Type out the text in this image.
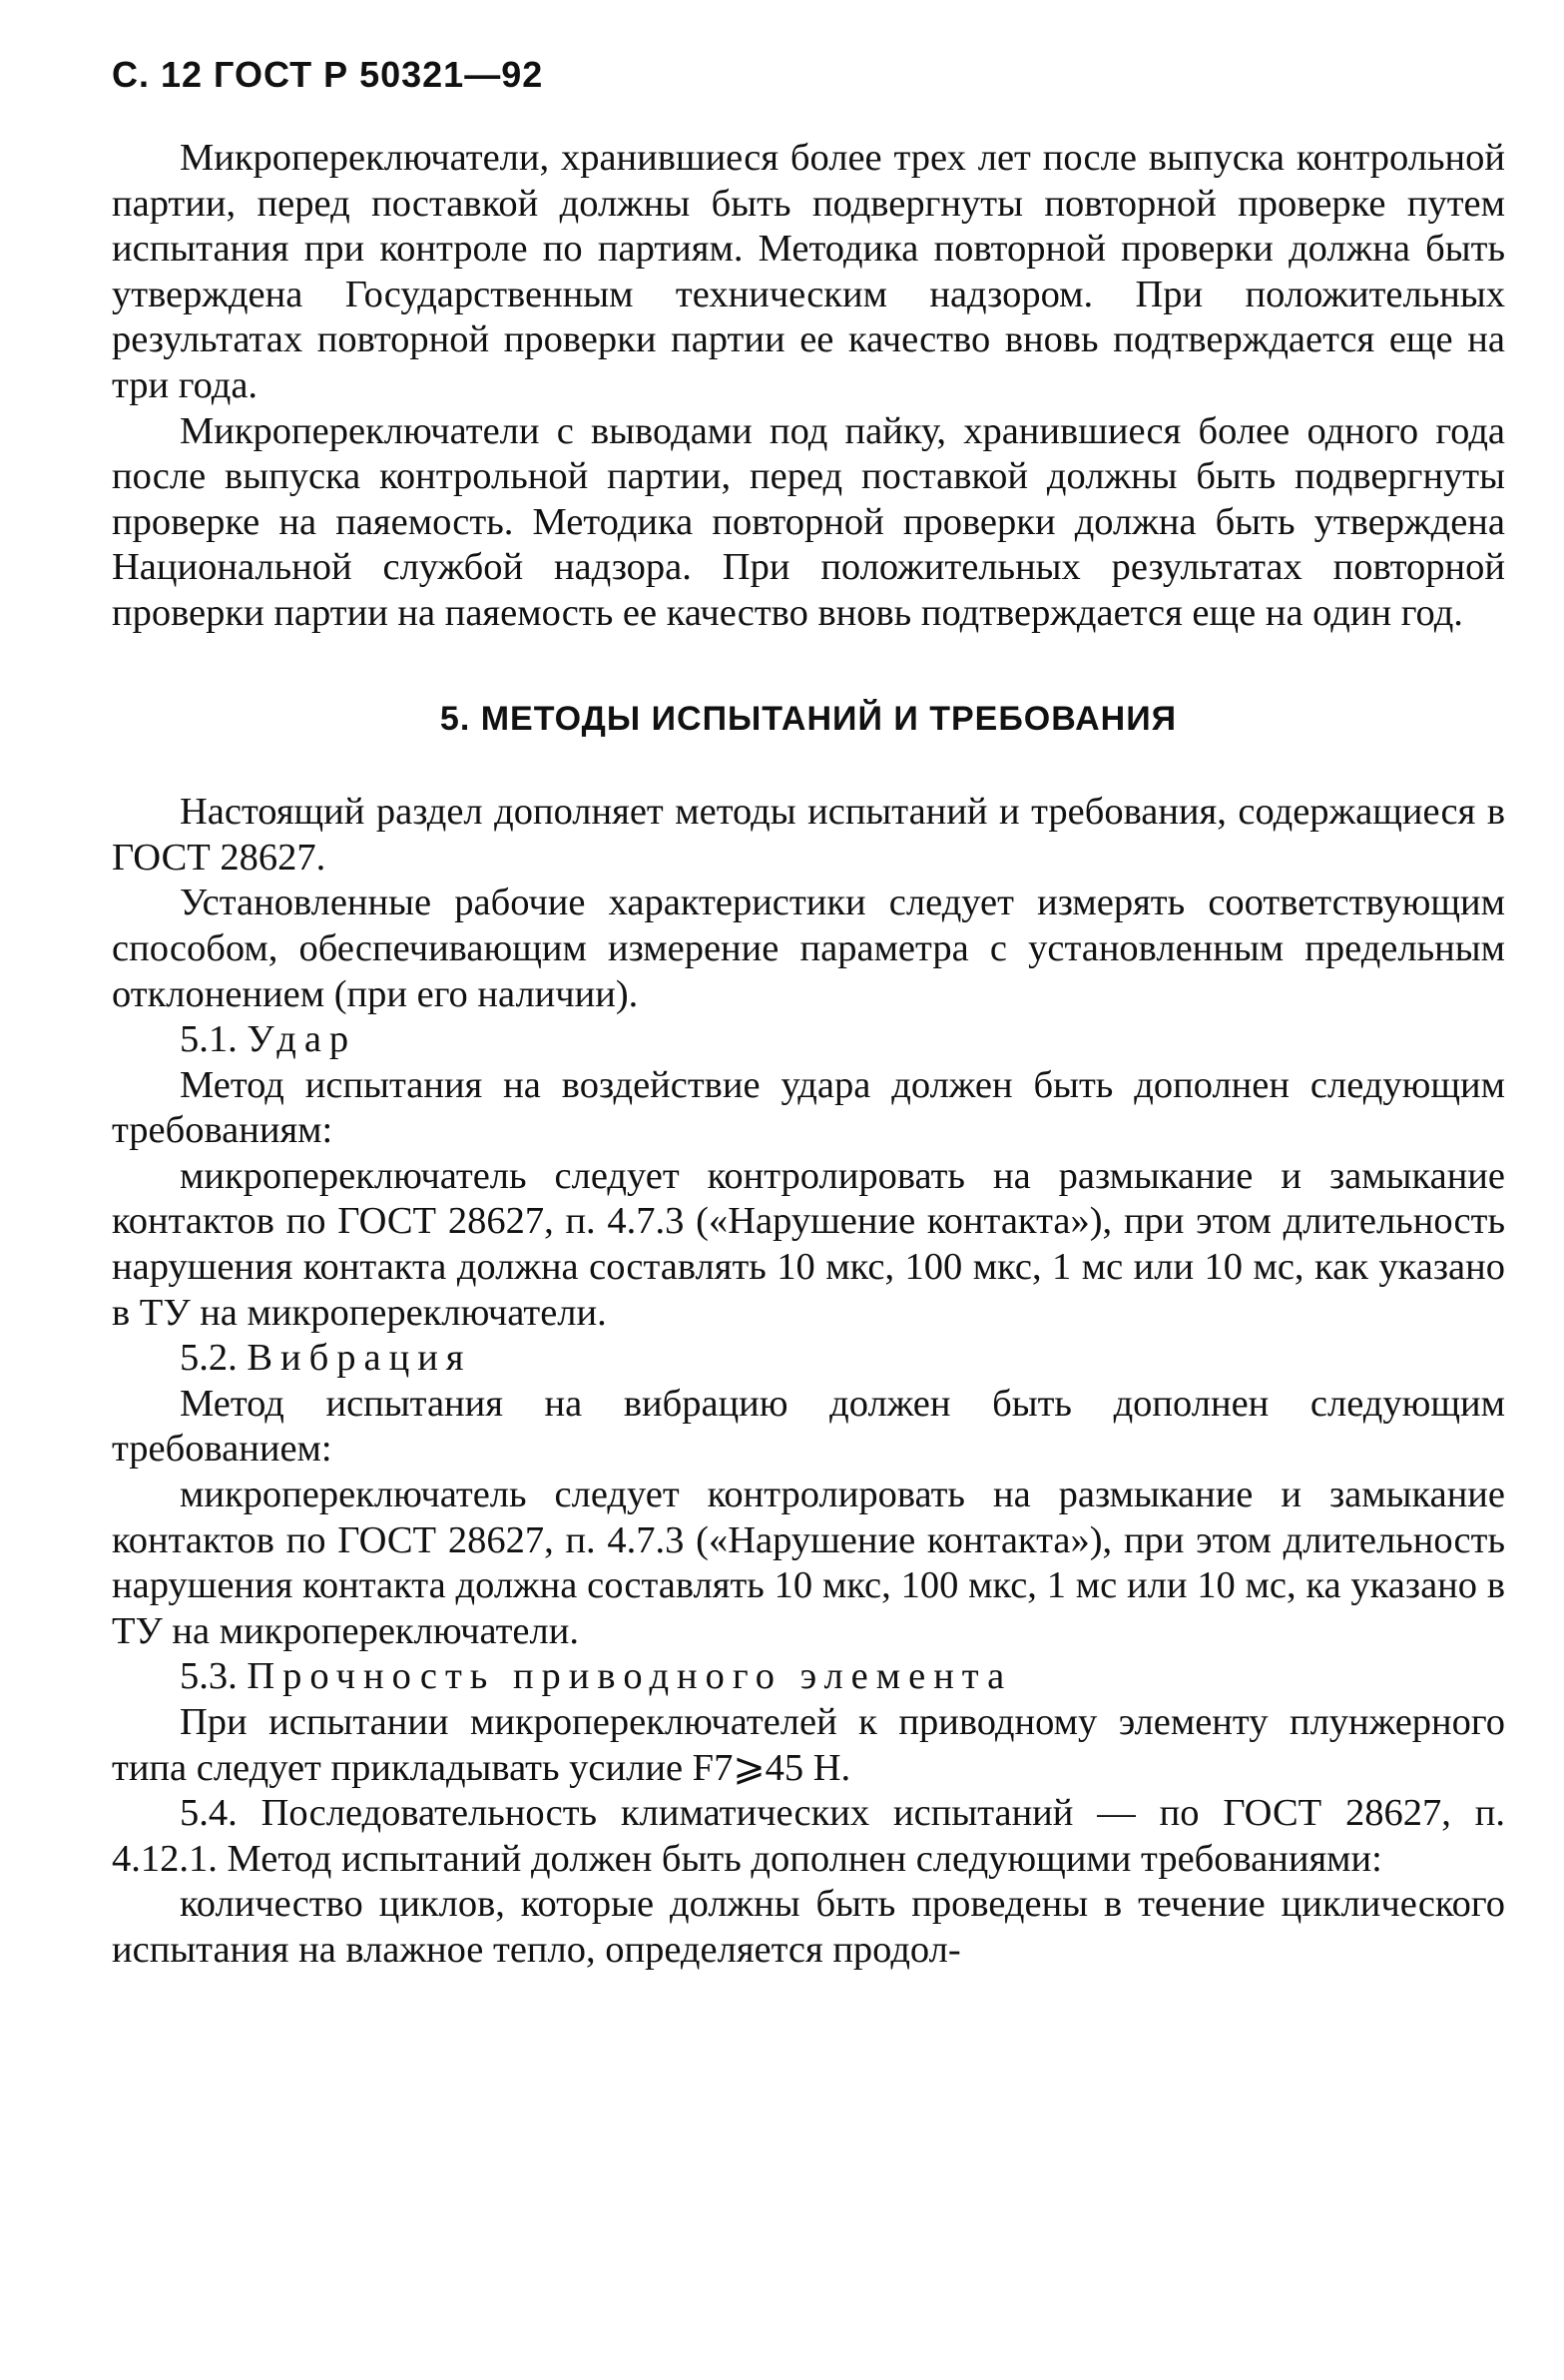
С. 12 ГОСТ Р 50321—92

Микропереключатели, хранившиеся более трех лет после выпуска контрольной партии, перед поставкой должны быть подвергнуты повторной проверке путем испытания при контроле по партиям. Методика повторной проверки должна быть утверждена Государственным техническим надзором. При положительных результатах повторной проверки партии ее качество вновь подтверждается еще на три года.

Микропереключатели с выводами под пайку, хранившиеся более одного года после выпуска контрольной партии, перед поставкой должны быть подвергнуты проверке на паяемость. Методика повторной проверки должна быть утверждена Национальной службой надзора. При положительных результатах повторной проверки партии на паяемость ее качество вновь подтверждается еще на один год.

5. МЕТОДЫ ИСПЫТАНИЙ И ТРЕБОВАНИЯ

Настоящий раздел дополняет методы испытаний и требования, содержащиеся в ГОСТ 28627.

Установленные рабочие характеристики следует измерять соответствующим способом, обеспечивающим измерение параметра с установленным предельным отклонением (при его наличии).

5.1. Удар

Метод испытания на воздействие удара должен быть дополнен следующим требованиям:

микропереключатель следует контролировать на размыкание и замыкание контактов по ГОСТ 28627, п. 4.7.3 («Нарушение контакта»), при этом длительность нарушения контакта должна составлять 10 мкс, 100 мкс, 1 мс или 10 мс, как указано в ТУ на микропереключатели.

5.2. Вибрация

Метод испытания на вибрацию должен быть дополнен следующим требованием:

микропереключатель следует контролировать на размыкание и замыкание контактов по ГОСТ 28627, п. 4.7.3 («Нарушение контакта»), при этом длительность нарушения контакта должна составлять 10 мкс, 100 мкс, 1 мс или 10 мс, ка указано в ТУ на микропереключатели.

5.3. Прочность приводного элемента

При испытании микропереключателей к приводному элементу плунжерного типа следует прикладывать усилие F7⩾45 Н.

5.4. Последовательность климатических испытаний — по ГОСТ 28627, п. 4.12.1. Метод испытаний должен быть дополнен следующими требованиями:

количество циклов, которые должны быть проведены в течение циклического испытания на влажное тепло, определяется продол-
